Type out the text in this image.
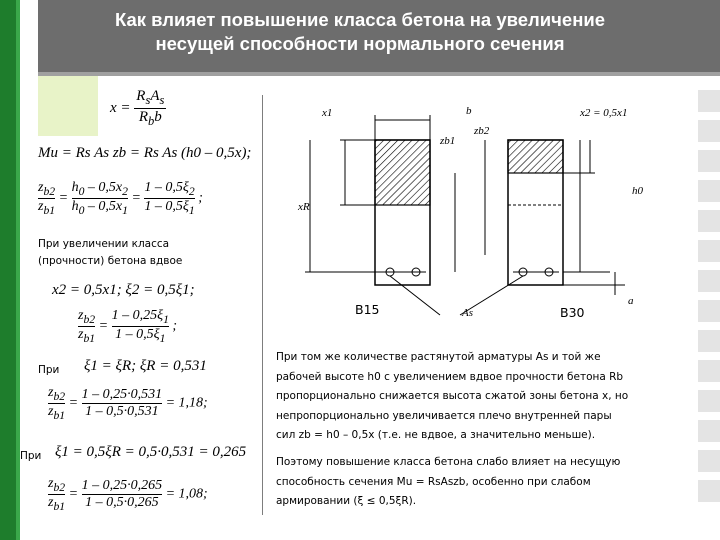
Как влияет повышение класса бетона на увеличение
несущей способности нормального сечения
x =
$R_sA_s$
$R_bb$
Mu = Rs As zb = Rs As (h0 – 0,5x);
$\frac{z_{b2}}{z_{b1}} = \frac{h_0 - 0,5x_2}{h_0 - 0,5x_1} = \frac{1 - 0,5\xi_2}{1 - 0,5\xi_1}$ ;
При увеличении класса
(прочности) бетона вдвое
x2 = 0,5x1; ξ2 = 0,5ξ1;
$\frac{z_{b2}}{z_{b1}} = \frac{1 - 0,25\xi_1}{1 - 0,5\xi_1}$ ;
При ξ1 = ξR; ξR = 0,531
$\frac{z_{b2}}{z_{b1}} = \frac{1 - 0,25\cdot 0,531}{1 - 0,5\cdot 0,531} = 1,18$;
При ξ1 = 0,5ξR = 0,5·0,531 = 0,265
$\frac{z_{b2}}{z_{b1}} = \frac{1 - 0,25\cdot 0,265}{1 - 0,5\cdot 0,265} = 1,08$;
x1	b	x2 = 0,5x1
zb1
zb2
h0
xR
As
a
В15	В30
При том же количестве растянутой арматуры As и той же
рабочей высоте h0 с увеличением вдвое прочности бетона Rb
пропорционально снижается высота сжатой зоны бетона x, но
непропорционально увеличивается плечо внутренней пары
сил zb = h0 – 0,5x (т.е. не вдвое, а значительно меньше).
Поэтому повышение класса бетона слабо влияет на несущую
способность сечения Mu = RsAszb, особенно при слабом
армировании (ξ ≤ 0,5ξR).
